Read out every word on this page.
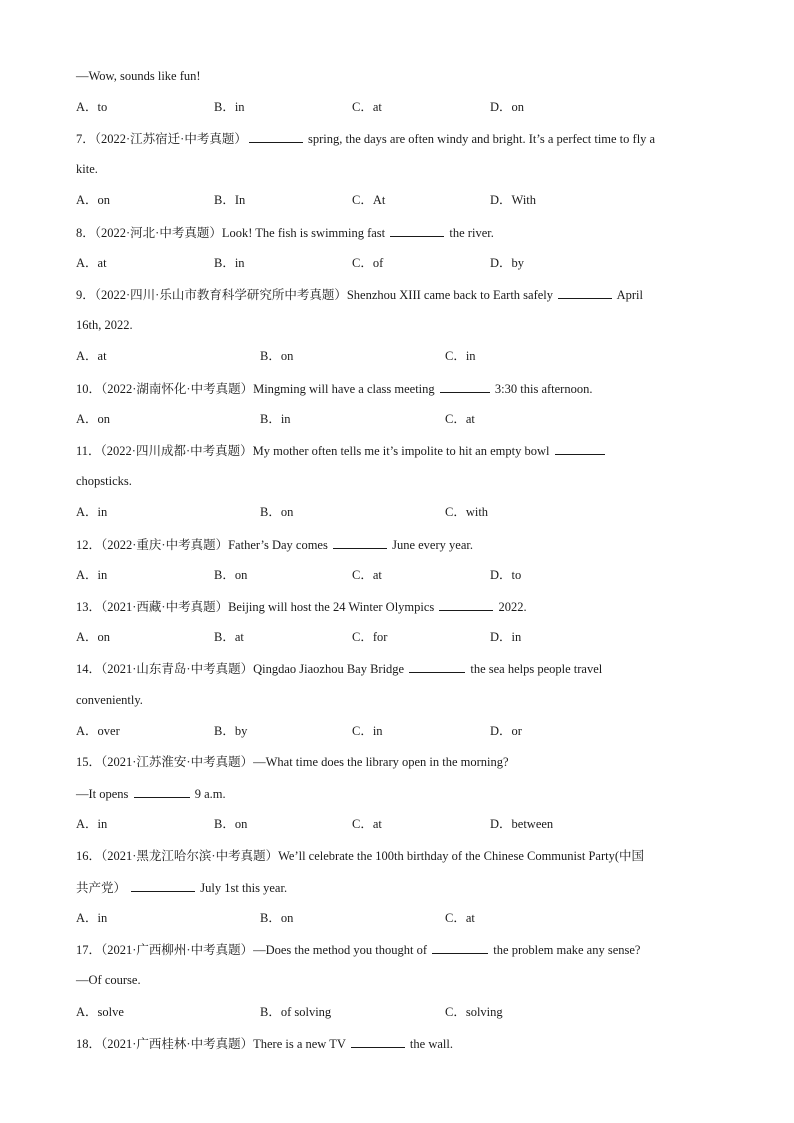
—Wow, sounds like fun!
A．to	B．in	C．at	D．on
7．（2022·江苏宿迁·中考真题）	spring, the days are often windy and bright. It’s a perfect time to fly a
kite.
A．on	B．In	C．At	D．With
8．（2022·河北·中考真题）Look! The fish is swimming fast	the river.
A．at	B．in	C．of	D．by
9．（2022·四川·乐山市教育科学研究所中考真题）Shenzhou XIII came back to Earth safely	April
16th, 2022.
A．at	B．on	C．in
10．（2022·湖南怀化·中考真题）Mingming will have a class meeting	3:30 this afternoon.
A．on	B．in	C．at
11．（2022·四川成都·中考真题）My mother often tells me it’s impolite to hit an empty bowl
chopsticks.
A．in	B．on	C．with
12．（2022·重庆·中考真题）Father’s Day comes	June every year.
A．in	B．on	C．at	D．to
13．（2021·西藏·中考真题）Beijing will host the 24 Winter Olympics	2022.
A．on	B．at	C．for	D．in
14．（2021·山东青岛·中考真题）Qingdao Jiaozhou Bay Bridge	the sea helps people travel
conveniently.
A．over	B．by	C．in	D．or
15．（2021·江苏淮安·中考真题）—What time does the library open in the morning?
—It opens	9 a.m.
A．in	B．on	C．at	D．between
16．（2021·黑龙江哈尔滨·中考真题）We’ll celebrate the 100th birthday of the Chinese Communist Party(中国
共产党）	July 1st this year.
A．in	B．on	C．at
17．（2021·广西柳州·中考真题）—Does the method you thought of	the problem make any sense?
—Of course.
A．solve	B．of solving	C．solving
18．（2021·广西桂林·中考真题）There is a new TV	the wall.
